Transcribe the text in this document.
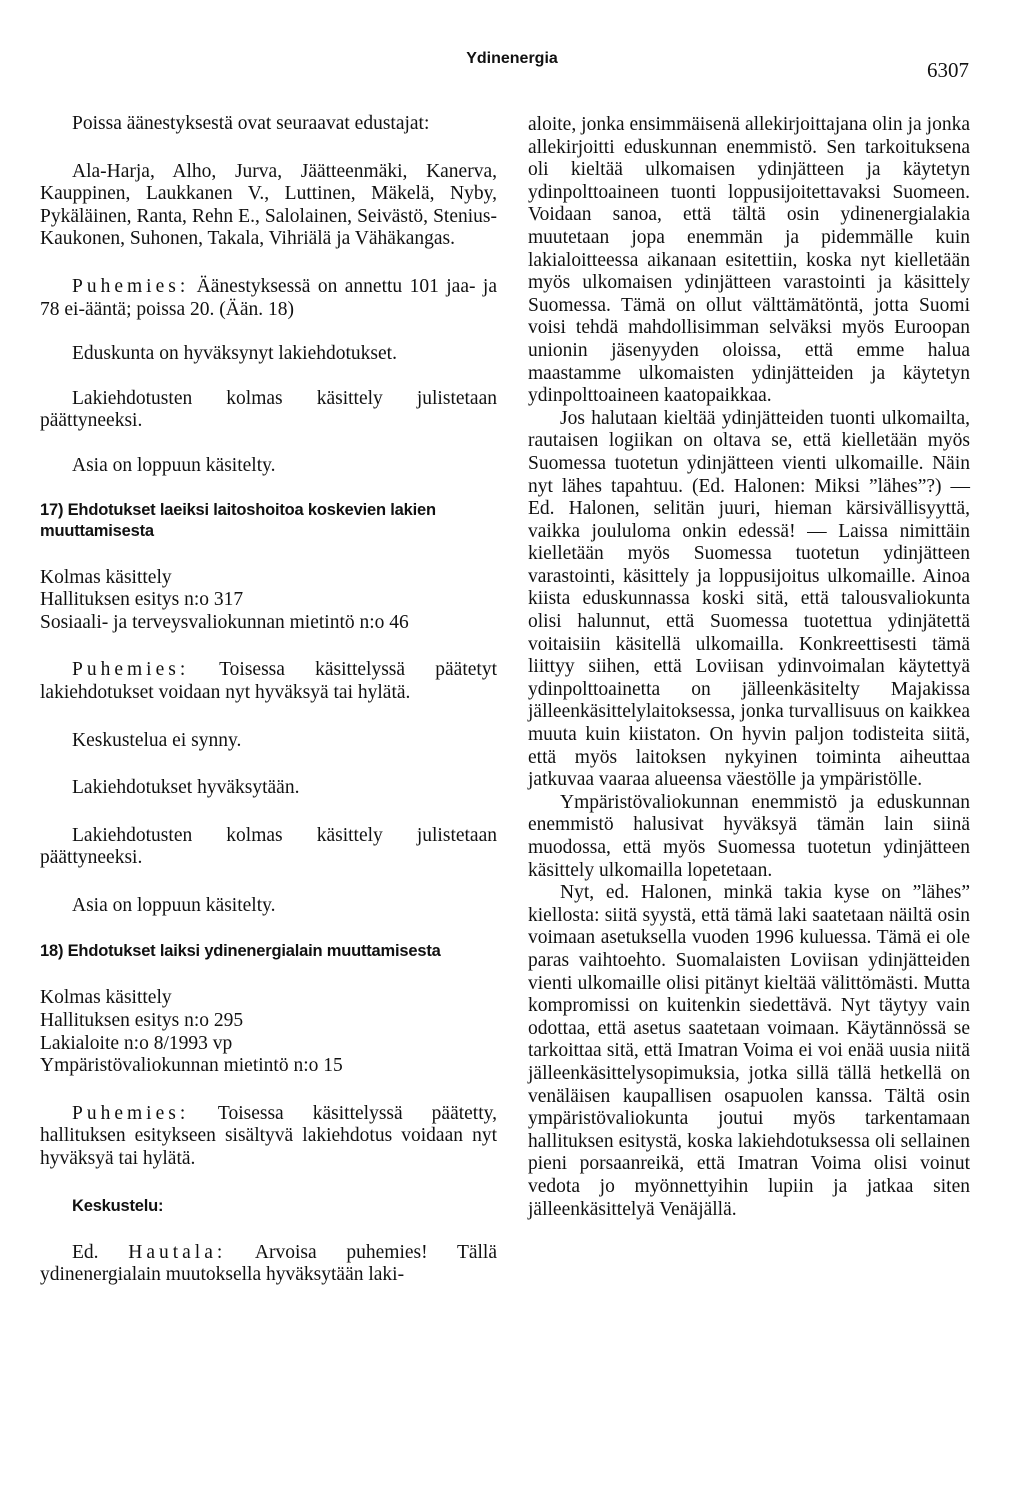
Ydinenergia	6307

Poissa äänestyksestä ovat seuraavat edustajat:

Ala-Harja, Alho, Jurva, Jäätteenmäki, Kanerva, Kauppinen, Laukkanen V., Luttinen, Mäkelä, Nyby, Pykäläinen, Ranta, Rehn E., Salolainen, Seivästö, Stenius-Kaukonen, Suhonen, Takala, Vihriälä ja Vähäkangas.

Puhemies: Äänestyksessä on annettu 101 jaa- ja 78 ei-ääntä; poissa 20. (Ään. 18)

Eduskunta on hyväksynyt lakiehdotukset.

Lakiehdotusten kolmas käsittely julistetaan päättyneeksi.

Asia on loppuun käsitelty.

17) Ehdotukset laeiksi laitoshoitoa koskevien lakien muuttamisesta

Kolmas käsittely
Hallituksen esitys n:o 317
Sosiaali- ja terveysvaliokunnan mietintö n:o 46

Puhemies: Toisessa käsittelyssä päätetyt lakiehdotukset voidaan nyt hyväksyä tai hylätä.

Keskustelua ei synny.

Lakiehdotukset hyväksytään.

Lakiehdotusten kolmas käsittely julistetaan päättyneeksi.

Asia on loppuun käsitelty.

18) Ehdotukset laiksi ydinenergialain muuttamisesta

Kolmas käsittely
Hallituksen esitys n:o 295
Lakialoite n:o 8/1993 vp
Ympäristövaliokunnan mietintö n:o 15

Puhemies: Toisessa käsittelyssä päätetty, hallituksen esitykseen sisältyvä lakiehdotus voidaan nyt hyväksyä tai hylätä.

Keskustelu:

Ed. Hautala: Arvoisa puhemies! Tällä ydinenergialain muutoksella hyväksytään laki-

aloite, jonka ensimmäisenä allekirjoittajana olin ja jonka allekirjoitti eduskunnan enemmistö. Sen tarkoituksena oli kieltää ulkomaisen ydinjätteen ja käytetyn ydinpolttoaineen tuonti loppusijoitettavaksi Suomeen. Voidaan sanoa, että tältä osin ydinenergialakia muutetaan jopa enemmän ja pidemmälle kuin lakialoitteessa aikanaan esitettiin, koska nyt kielletään myös ulkomaisen ydinjätteen varastointi ja käsittely Suomessa. Tämä on ollut välttämätöntä, jotta Suomi voisi tehdä mahdollisimman selväksi myös Euroopan unionin jäsenyyden oloissa, että emme halua maastamme ulkomaisten ydinjätteiden ja käytetyn ydinpolttoaineen kaatopaikkaa.

Jos halutaan kieltää ydinjätteiden tuonti ulkomailta, rautaisen logiikan on oltava se, että kielletään myös Suomessa tuotetun ydinjätteen vienti ulkomaille. Näin nyt lähes tapahtuu. (Ed. Halonen: Miksi ”lähes”?) — Ed. Halonen, selitän juuri, hieman kärsivällisyyttä, vaikka joululoma onkin edessä! — Laissa nimittäin kielletään myös Suomessa tuotetun ydinjätteen varastointi, käsittely ja loppusijoitus ulkomaille. Ainoa kiista eduskunnassa koski sitä, että talousvaliokunta olisi halunnut, että Suomessa tuotettua ydinjätettä voitaisiin käsitellä ulkomailla. Konkreettisesti tämä liittyy siihen, että Loviisan ydinvoimalan käytettyä ydinpolttoainetta on jälleenkäsitelty Majakissa jälleenkäsittelylaitoksessa, jonka turvallisuus on kaikkea muuta kuin kiistaton. On hyvin paljon todisteita siitä, että myös laitoksen nykyinen toiminta aiheuttaa jatkuvaa vaaraa alueensa väestölle ja ympäristölle.

Ympäristövaliokunnan enemmistö ja eduskunnan enemmistö halusivat hyväksyä tämän lain siinä muodossa, että myös Suomessa tuotetun ydinjätteen käsittely ulkomailla lopetetaan.

Nyt, ed. Halonen, minkä takia kyse on ”lähes” kiellosta: siitä syystä, että tämä laki saatetaan näiltä osin voimaan asetuksella vuoden 1996 kuluessa. Tämä ei ole paras vaihtoehto. Suomalaisten Loviisan ydinjätteiden vienti ulkomaille olisi pitänyt kieltää välittömästi. Mutta kompromissi on kuitenkin siedettävä. Nyt täytyy vain odottaa, että asetus saatetaan voimaan. Käytännössä se tarkoittaa sitä, että Imatran Voima ei voi enää uusia niitä jälleenkäsittelysopimuksia, jotka sillä tällä hetkellä on venäläisen kaupallisen osapuolen kanssa. Tältä osin ympäristövaliokunta joutui myös tarkentamaan hallituksen esitystä, koska lakiehdotuksessa oli sellainen pieni porsaanreikä, että Imatran Voima olisi voinut vedota jo myönnettyihin lupiin ja jatkaa siten jälleenkäsittelyä Venäjällä.
